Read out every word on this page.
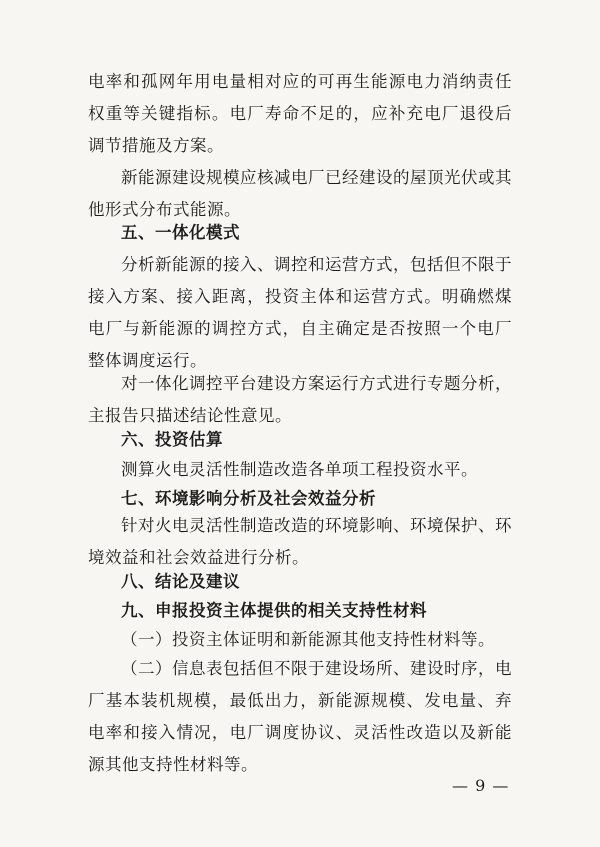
电率和孤网年用电量相对应的可再生能源电力消纳责任权重等关键指标。电厂寿命不足的，应补充电厂退役后调节措施及方案。

新能源建设规模应核减电厂已经建设的屋顶光伏或其他形式分布式能源。

五、一体化模式

分析新能源的接入、调控和运营方式，包括但不限于接入方案、接入距离，投资主体和运营方式。明确燃煤电厂与新能源的调控方式，自主确定是否按照一个电厂整体调度运行。

对一体化调控平台建设方案运行方式进行专题分析，主报告只描述结论性意见。

六、投资估算

测算火电灵活性制造改造各单项工程投资水平。

七、环境影响分析及社会效益分析

针对火电灵活性制造改造的环境影响、环境保护、环境效益和社会效益进行分析。

八、结论及建议

九、申报投资主体提供的相关支持性材料

（一）投资主体证明和新能源其他支持性材料等。

（二）信息表包括但不限于建设场所、建设时序，电厂基本装机规模，最低出力，新能源规模、发电量、弃电率和接入情况，电厂调度协议、灵活性改造以及新能源其他支持性材料等。

— 9 —
